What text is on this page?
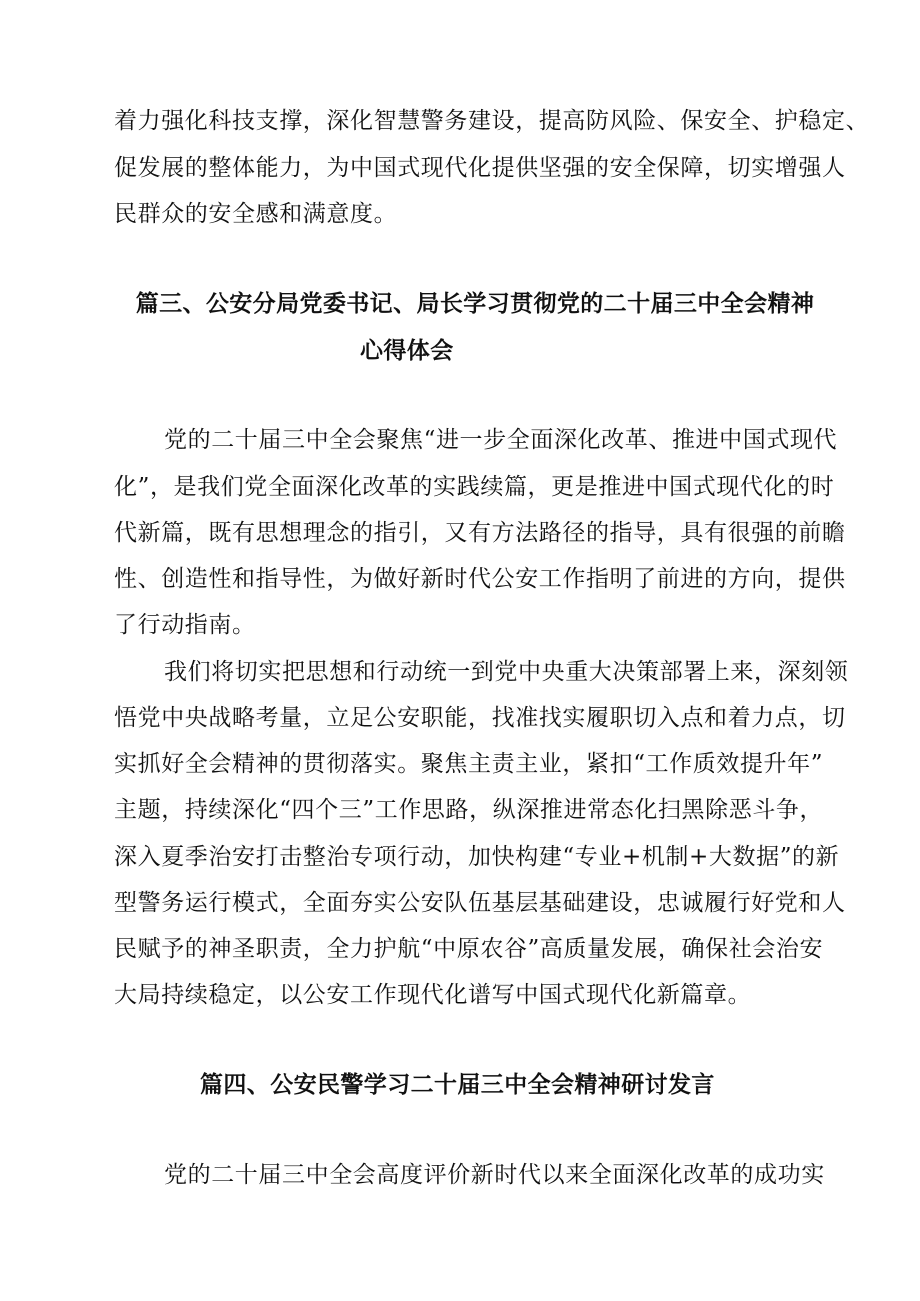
着力强化科技支撑，深化智慧警务建设，提高防风险、保安全、护稳定、
促发展的整体能力，为中国式现代化提供坚强的安全保障，切实增强人
民群众的安全感和满意度。
篇三、公安分局党委书记、局长学习贯彻党的二十届三中全会精神
心得体会
党的二十届三中全会聚焦“进一步全面深化改革、推进中国式现代
化”，是我们党全面深化改革的实践续篇，更是推进中国式现代化的时
代新篇，既有思想理念的指引，又有方法路径的指导，具有很强的前瞻
性、创造性和指导性，为做好新时代公安工作指明了前进的方向，提供
了行动指南。
我们将切实把思想和行动统一到党中央重大决策部署上来，深刻领
悟党中央战略考量，立足公安职能，找准找实履职切入点和着力点，切
实抓好全会精神的贯彻落实。聚焦主责主业，紧扣“工作质效提升年”
主题，持续深化“四个三”工作思路，纵深推进常态化扫黑除恶斗争，
深入夏季治安打击整治专项行动，加快构建“专业+机制+大数据”的新
型警务运行模式，全面夯实公安队伍基层基础建设，忠诚履行好党和人
民赋予的神圣职责，全力护航“中原农谷”高质量发展，确保社会治安
大局持续稳定，以公安工作现代化谱写中国式现代化新篇章。
篇四、公安民警学习二十届三中全会精神研讨发言
党的二十届三中全会高度评价新时代以来全面深化改革的成功实
